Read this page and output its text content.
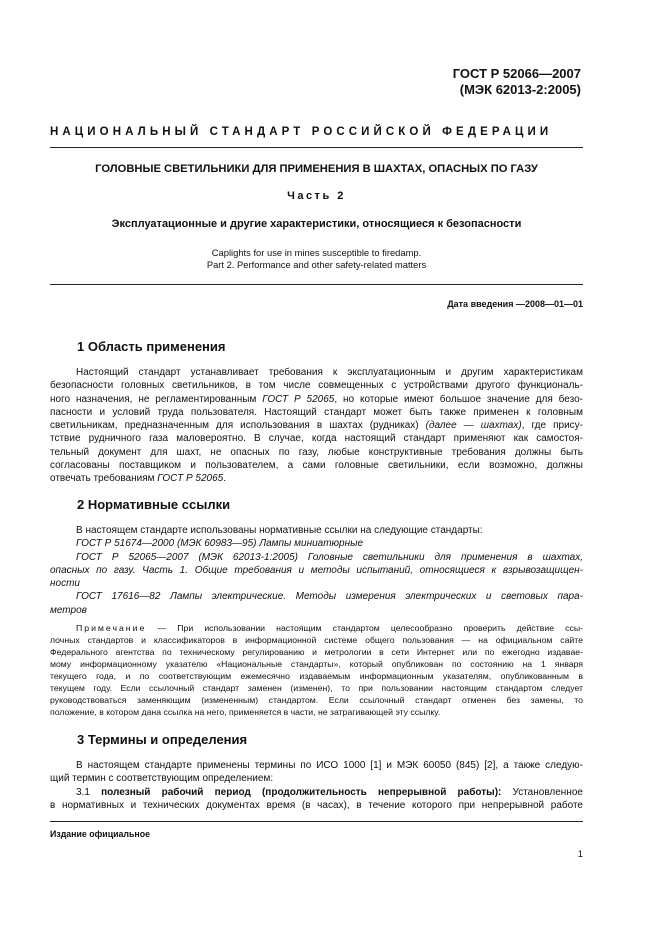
ГОСТ Р 52066—2007
(МЭК 62013-2:2005)
НАЦИОНАЛЬНЫЙ СТАНДАРТ РОССИЙСКОЙ ФЕДЕРАЦИИ
ГОЛОВНЫЕ СВЕТИЛЬНИКИ ДЛЯ ПРИМЕНЕНИЯ В ШАХТАХ, ОПАСНЫХ ПО ГАЗУ
Часть 2
Эксплуатационные и другие характеристики, относящиеся к безопасности
Caplights for use in mines susceptible to firedamp.
Part 2. Performance and other safety-related matters
Дата введения —2008—01—01
1 Область применения
Настоящий стандарт устанавливает требования к эксплуатационным и другим характеристикам
безопасности головных светильников, в том числе совмещенных с устройствами другого функциональ-
ного назначения, не регламентированным ГОСТ Р 52065, но которые имеют большое значение для безо-
пасности и условий труда пользователя. Настоящий стандарт может быть также применен к головным
светильникам, предназначенным для использования в шахтах (рудниках) (далее — шахтах), где прису-
тствие рудничного газа маловероятно. В случае, когда настоящий стандарт применяют как самостоя-
тельный документ для шахт, не опасных по газу, любые конструктивные требования должны быть
согласованы поставщиком и пользователем, а сами головные светильники, если возможно, должны
отвечать требованиям ГОСТ Р 52065.
2 Нормативные ссылки
В настоящем стандарте использованы нормативные ссылки на следующие стандарты:
ГОСТ Р 51674—2000 (МЭК 60983—95) Лампы миниатюрные
ГОСТ Р 52065—2007 (МЭК 62013-1:2005) Головные светильники для применения в шахтах,
опасных по газу. Часть 1. Общие требования и методы испытаний, относящиеся к взрывозащищен-
ности
ГОСТ 17616—82 Лампы электрические. Методы измерения электрических и световых пара-
метров
Примечание — При использовании настоящим стандартом целесообразно проверить действие ссы-
лочных стандартов и классификаторов в информационной системе общего пользования — на официальном сайте
Федерального агентства по техническому регулированию и метрологии в сети Интернет или по ежегодно издавае-
мому информационному указателю «Национальные стандарты», который опубликован по состоянию на 1 января
текущего года, и по соответствующим ежемесячно издаваемым информационным указателям, опубликованным в
текущем году. Если ссылочный стандарт заменен (изменен), то при пользовании настоящим стандартом следует
руководствоваться заменяющим (измененным) стандартом. Если ссылочный стандарт отменен без замены, то
положение, в котором дана ссылка на него, применяется в части, не затрагивающей эту ссылку.
3 Термины и определения
В настоящем стандарте применены термины по ИСО 1000 [1] и МЭК 60050 (845) [2], а также следую-
щий термин с соответствующим определением:
3.1 полезный рабочий период (продолжительность непрерывной работы): Установленное
в нормативных и технических документах время (в часах), в течение которого при непрерывной работе
Издание официальное
1
